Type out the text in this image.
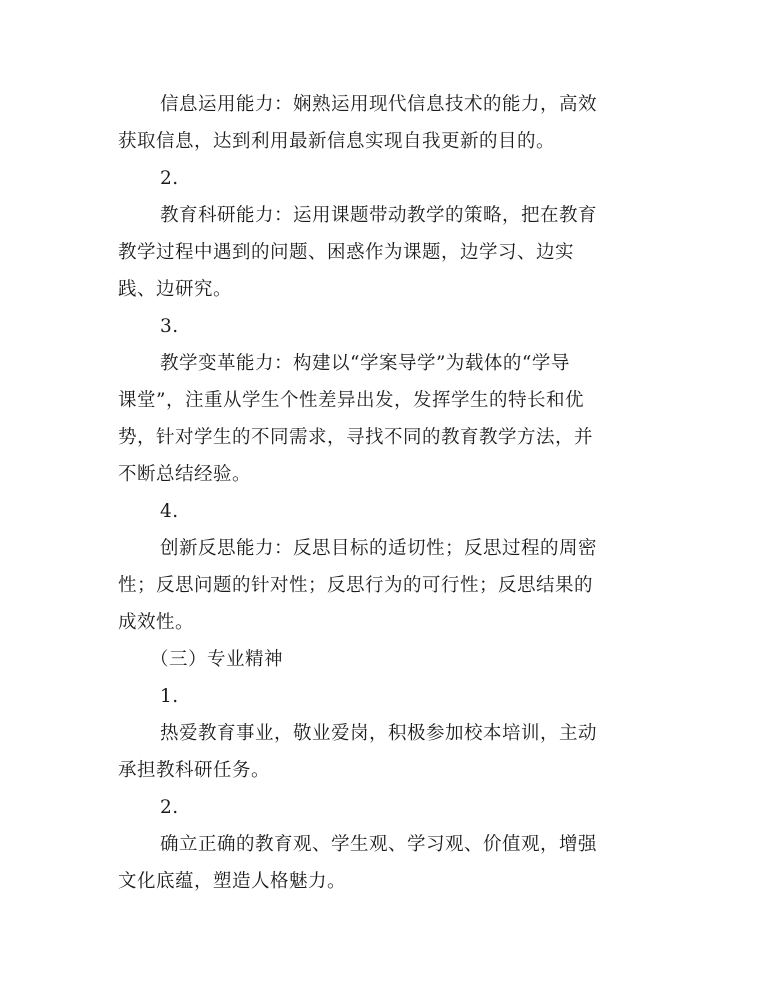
信息运用能力：娴熟运用现代信息技术的能力，高效

获取信息，达到利用最新信息实现自我更新的目的。

2.

教育科研能力：运用课题带动教学的策略，把在教育

教学过程中遇到的问题、困惑作为课题，边学习、边实

践、边研究。

3.

教学变革能力：构建以“学案导学”为载体的“学导

课堂”，注重从学生个性差异出发，发挥学生的特长和优

势，针对学生的不同需求，寻找不同的教育教学方法，并

不断总结经验。

4.

创新反思能力：反思目标的适切性；反思过程的周密

性；反思问题的针对性；反思行为的可行性；反思结果的

成效性。

（三）专业精神

1.

热爱教育事业，敬业爱岗，积极参加校本培训，主动

承担教科研任务。

2.

确立正确的教育观、学生观、学习观、价值观，增强

文化底蕴，塑造人格魅力。
